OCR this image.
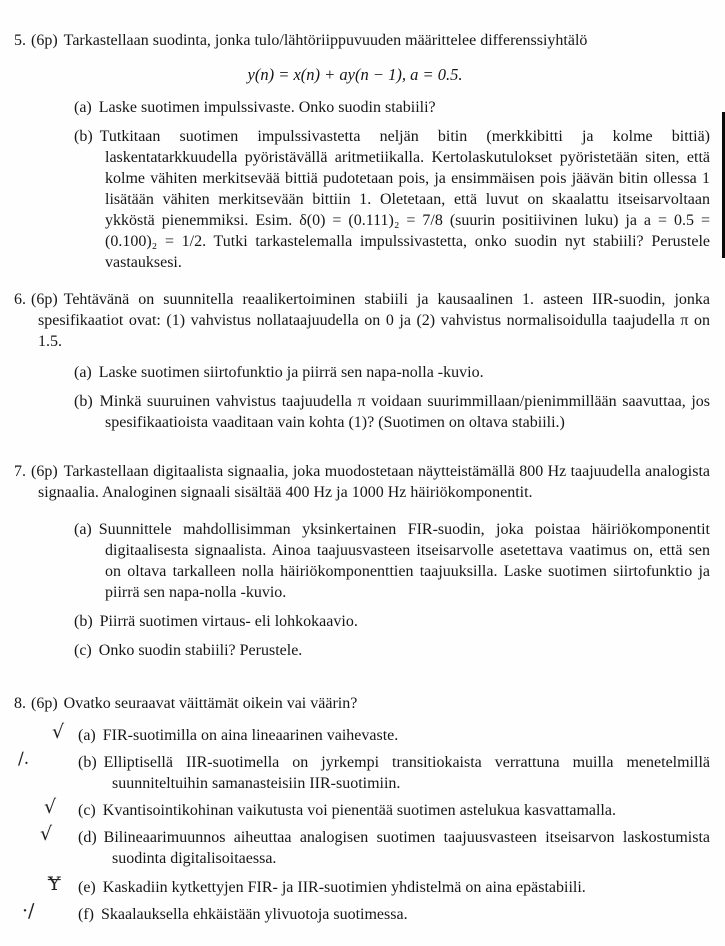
5. (6p) Tarkastellaan suodinta, jonka tulo/lähtöriippuvuuden määrittelee differenssiyhtälö

y(n) = x(n) + ay(n − 1), a = 0.5.

(a) Laske suotimen impulssivaste. Onko suodin stabiili?

(b) Tutkitaan suotimen impulssivastetta neljän bitin (merkkibitti ja kolme bittiä) laskentatarkkuudella pyöristävällä aritmetiikalla. Kertolaskutulokset pyöristetään siten, että kolme vähiten merkitsevää bittiä pudotetaan pois, ja ensimmäisen pois jäävän bitin ollessa 1 lisätään vähiten merkitsevään bittiin 1. Oletetaan, että luvut on skaalattu itseisarvoltaan ykköstä pienemmiksi. Esim. δ(0) = (0.111)₂ = 7/8 (suurin positiivinen luku) ja a = 0.5 = (0.100)₂ = 1/2. Tutki tarkastelemalla impulssivastetta, onko suodin nyt stabiili? Perustele vastauksesi.

6. (6p) Tehtävänä on suunnitella reaalikertoiminen stabiili ja kausaalinen 1. asteen IIR-suodin, jonka spesifikaatiot ovat: (1) vahvistus nollataajuudella on 0 ja (2) vahvistus normalisoidulla taajudella π on 1.5.

(a) Laske suotimen siirtofunktio ja piirrä sen napa-nolla -kuvio.

(b) Minkä suuruinen vahvistus taajuudella π voidaan suurimmillaan/pienimmillään saavuttaa, jos spesifikaatioista vaaditaan vain kohta (1)? (Suotimen on oltava stabiili.)

7. (6p) Tarkastellaan digitaalista signaalia, joka muodostetaan näytteistämällä 800 Hz taajuudella analogista signaalia. Analoginen signaali sisältää 400 Hz ja 1000 Hz häiriökomponentit.

(a) Suunnittele mahdollisimman yksinkertainen FIR-suodin, joka poistaa häiriökomponentit digitaalisesta signaalista. Ainoa taajuusvasteen itseisarvolle asetettava vaatimus on, että sen on oltava tarkalleen nolla häiriökomponenttien taajuuksilla. Laske suotimen siirtofunktio ja piirrä sen napa-nolla -kuvio.

(b) Piirrä suotimen virtaus- eli lohkokaavio.

(c) Onko suodin stabiili? Perustele.

8. (6p) Ovatko seuraavat väittämät oikein vai väärin?

√ (a) FIR-suotimilla on aina lineaarinen vaihevaste.

∕.	(b) Elliptisellä IIR-suotimella on jyrkempi transitiokaista verrattuna muilla menetelmillä suunniteltuihin samanasteisiin IIR-suotimiin.

√ (c) Kvantisointikohinan vaikutusta voi pienentää suotimen astelukua kasvattamalla.

√ (d) Bilineaarimuunnos aiheuttaa analogisen suotimen taajuusvasteen itseisarvon laskostumista suodinta digitalisoitaessa.

Ɏ (e) Kaskadiin kytkettyjen FIR- ja IIR-suotimien yhdistelmä on aina epästabiili.

·∕	(f) Skaalauksella ehkäistään ylivuotoja suotimessa.
